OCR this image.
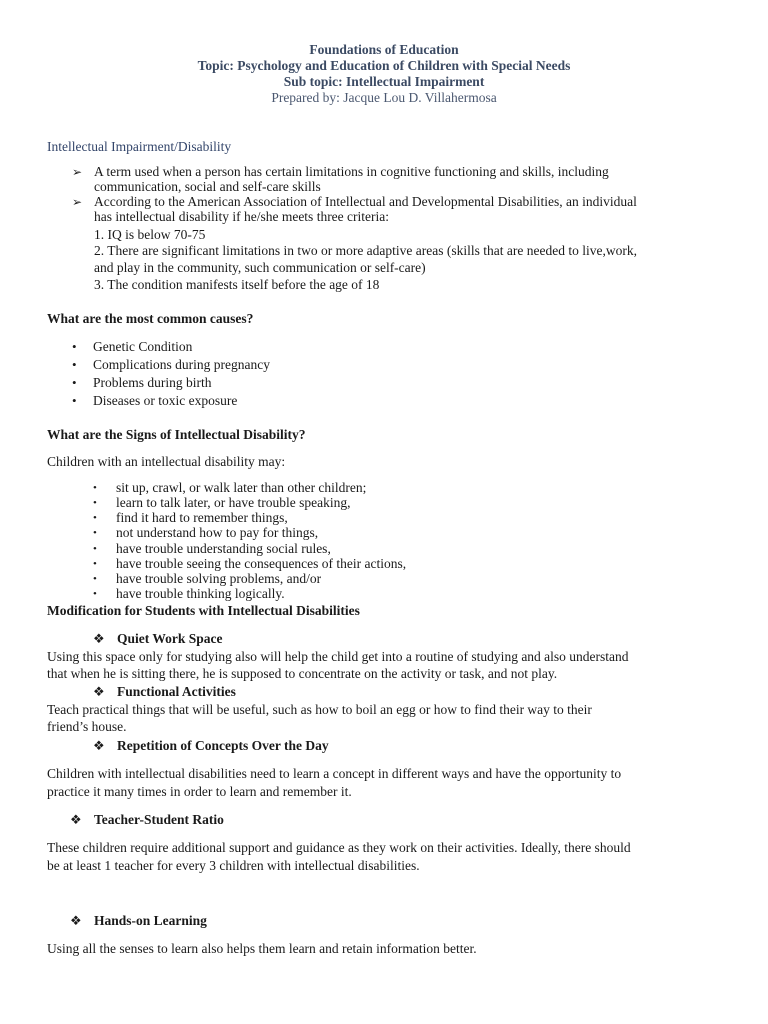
Foundations of Education
Topic: Psychology and Education of Children with Special Needs
Sub topic: Intellectual Impairment
Prepared by: Jacque Lou D. Villahermosa
Intellectual Impairment/Disability
➢ A term used when a person has certain limitations in cognitive functioning and skills, including
communication, social and self-care skills
➢ According to the American Association of Intellectual and Developmental Disabilities, an individual
has intellectual disability if he/she meets three criteria:
1. IQ is below 70-75
2. There are significant limitations in two or more adaptive areas (skills that are needed to live,work,
and play in the community, such communication or self-care)
3. The condition manifests itself before the age of 18
What are the most common causes?
• Genetic Condition
• Complications during pregnancy
• Problems during birth
• Diseases or toxic exposure
What are the Signs of Intellectual Disability?
Children with an intellectual disability may:
• sit up, crawl, or walk later than other children;
• learn to talk later, or have trouble speaking,
• find it hard to remember things,
• not understand how to pay for things,
• have trouble understanding social rules,
• have trouble seeing the consequences of their actions,
• have trouble solving problems, and/or
• have trouble thinking logically.
Modification for Students with Intellectual Disabilities
❖ Quiet Work Space
Using this space only for studying also will help the child get into a routine of studying and also understand
that when he is sitting there, he is supposed to concentrate on the activity or task, and not play.
❖ Functional Activities
Teach practical things that will be useful, such as how to boil an egg or how to find their way to their
friend’s house.
❖ Repetition of Concepts Over the Day
Children with intellectual disabilities need to learn a concept in different ways and have the opportunity to
practice it many times in order to learn and remember it.
❖ Teacher-Student Ratio
These children require additional support and guidance as they work on their activities. Ideally, there should
be at least 1 teacher for every 3 children with intellectual disabilities.
❖ Hands-on Learning
Using all the senses to learn also helps them learn and retain information better.
